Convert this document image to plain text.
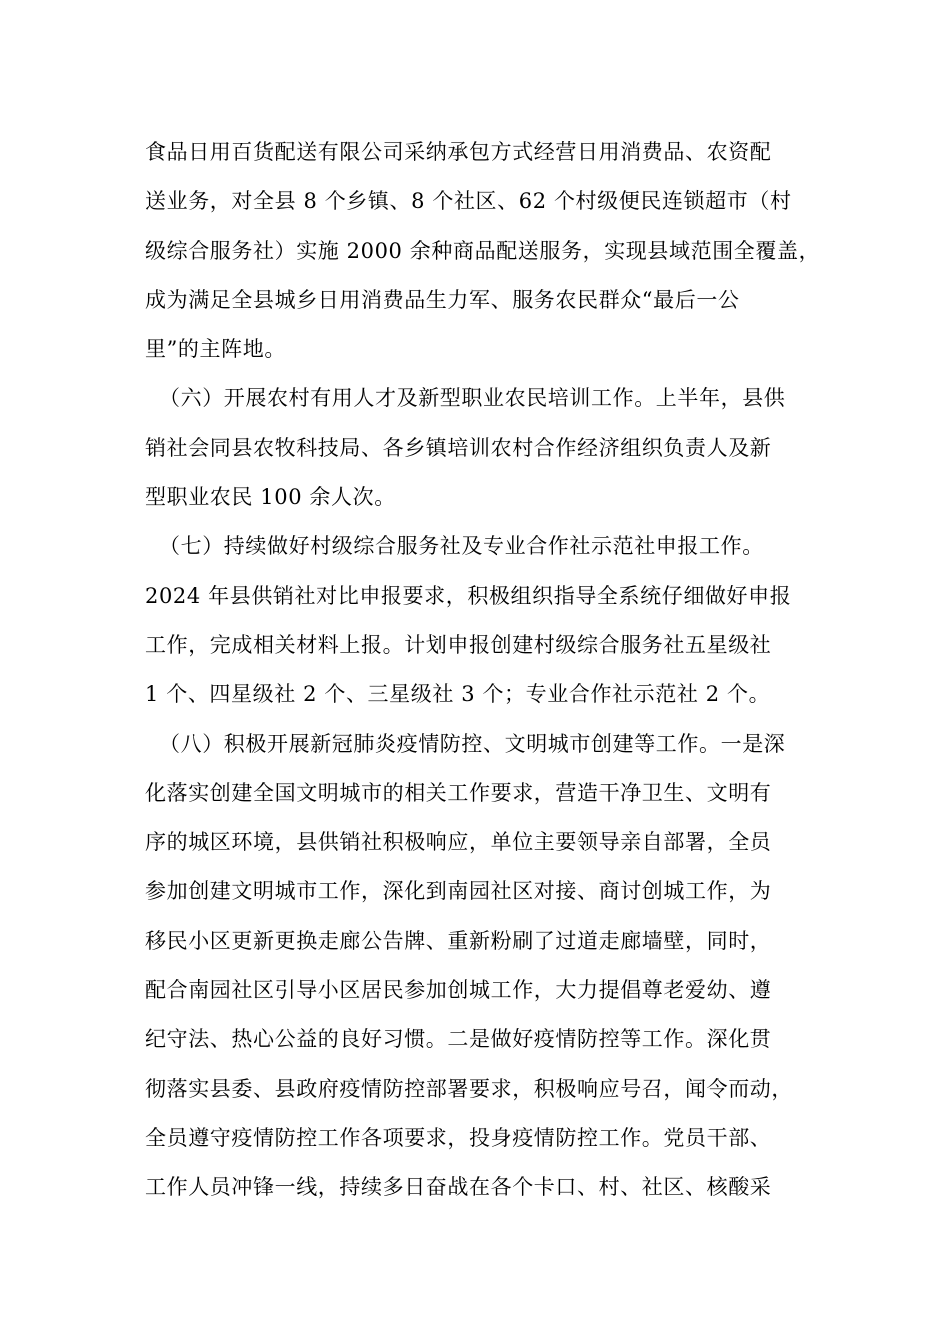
食品日用百货配送有限公司采纳承包方式经营日用消费品、农资配
送业务，对全县 8 个乡镇、8 个社区、62 个村级便民连锁超市（村
级综合服务社）实施 2000 余种商品配送服务，实现县域范围全覆盖，
成为满足全县城乡日用消费品生力军、服务农民群众“最后一公
里”的主阵地。
（六）开展农村有用人才及新型职业农民培训工作。上半年，县供
销社会同县农牧科技局、各乡镇培训农村合作经济组织负责人及新
型职业农民 100 余人次。
（七）持续做好村级综合服务社及专业合作社示范社申报工作。
2024 年县供销社对比申报要求，积极组织指导全系统仔细做好申报
工作，完成相关材料上报。计划申报创建村级综合服务社五星级社
1 个、四星级社 2 个、三星级社 3 个；专业合作社示范社 2 个。
（八）积极开展新冠肺炎疫情防控、文明城市创建等工作。一是深
化落实创建全国文明城市的相关工作要求，营造干净卫生、文明有
序的城区环境，县供销社积极响应，单位主要领导亲自部署，全员
参加创建文明城市工作，深化到南园社区对接、商讨创城工作，为
移民小区更新更换走廊公告牌、重新粉刷了过道走廊墙壁，同时，
配合南园社区引导小区居民参加创城工作，大力提倡尊老爱幼、遵
纪守法、热心公益的良好习惯。二是做好疫情防控等工作。深化贯
彻落实县委、县政府疫情防控部署要求，积极响应号召，闻令而动，
全员遵守疫情防控工作各项要求，投身疫情防控工作。党员干部、
工作人员冲锋一线，持续多日奋战在各个卡口、村、社区、核酸采
